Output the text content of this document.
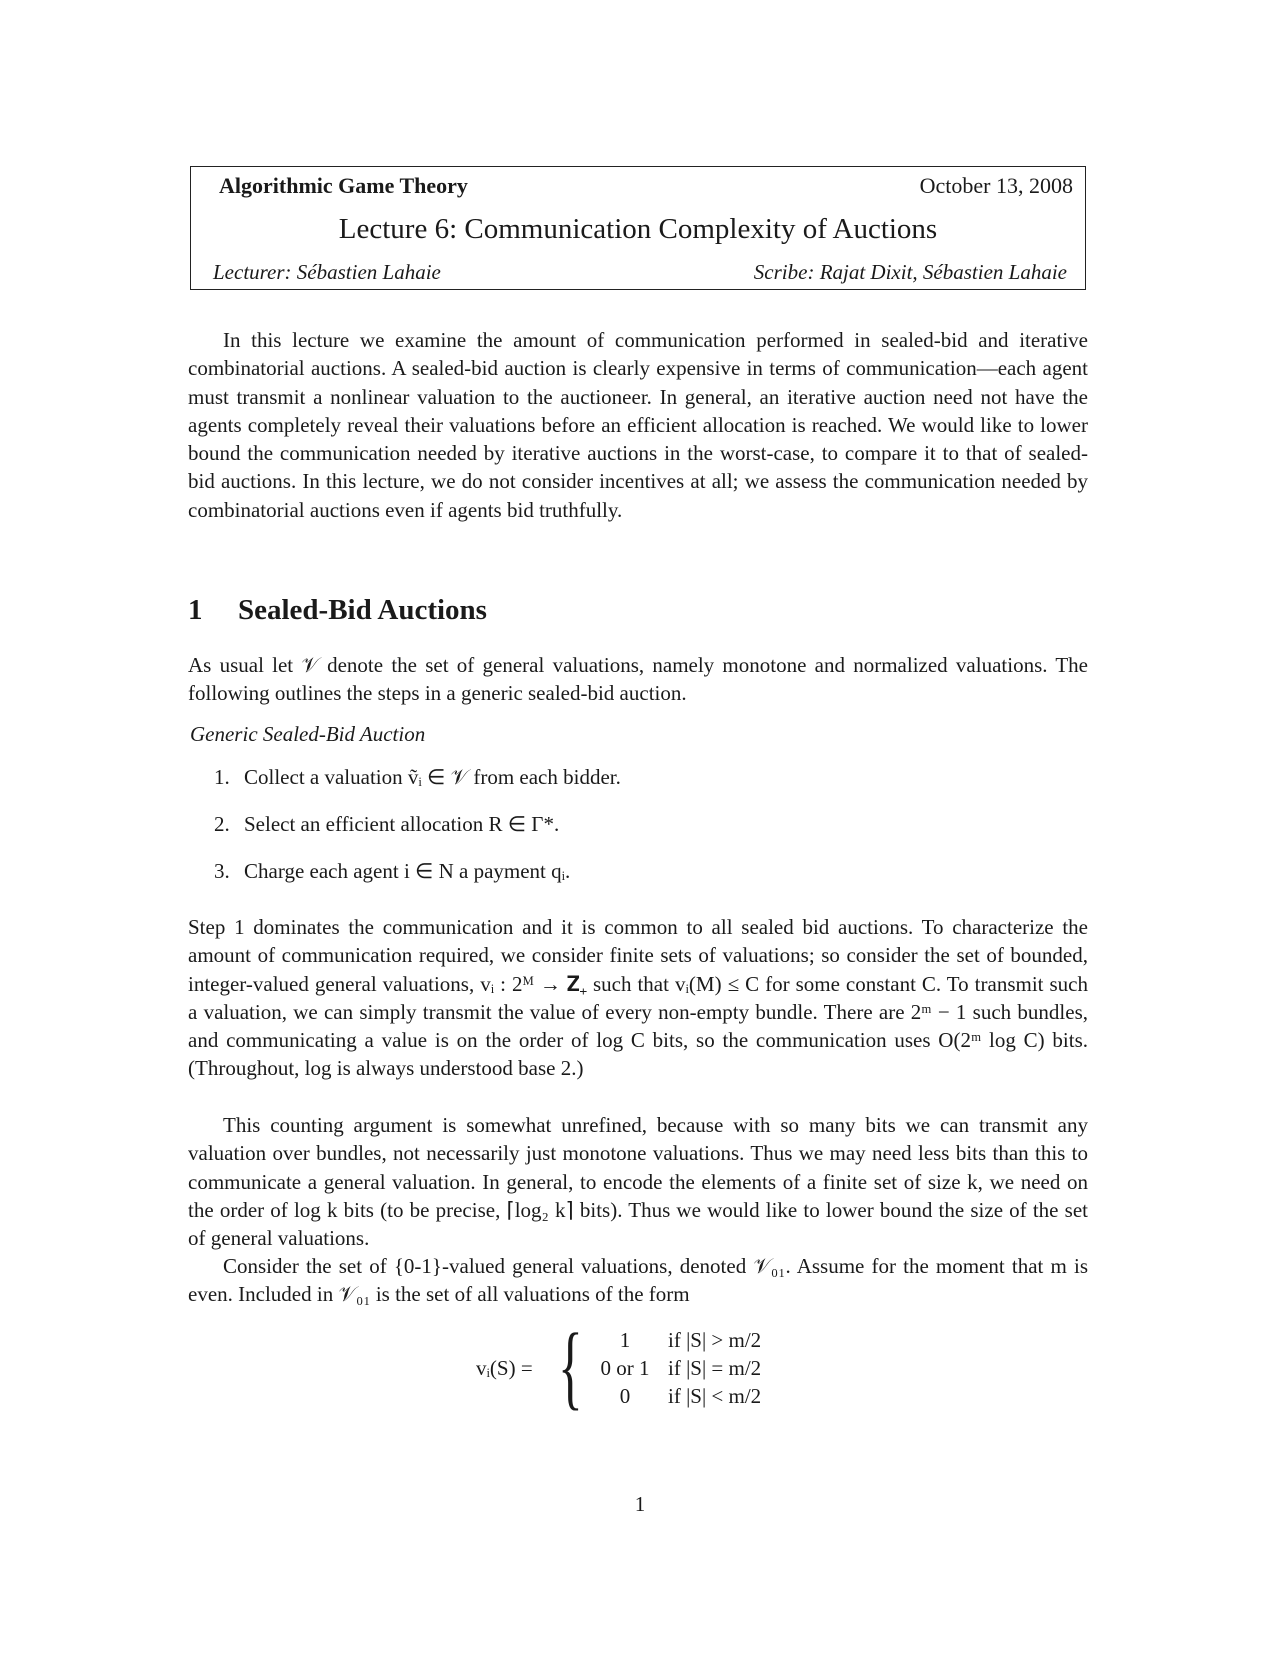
Algorithmic Game Theory	October 13, 2008
Lecture 6: Communication Complexity of Auctions
Lecturer: Sébastien Lahaie	Scribe: Rajat Dixit, Sébastien Lahaie

In this lecture we examine the amount of communication performed in sealed-bid and iterative combinatorial auctions. A sealed-bid auction is clearly expensive in terms of communication—each agent must transmit a nonlinear valuation to the auctioneer. In general, an iterative auction need not have the agents completely reveal their valuations before an efficient allocation is reached. We would like to lower bound the communication needed by iterative auctions in the worst-case, to compare it to that of sealed-bid auctions. In this lecture, we do not consider incentives at all; we assess the communication needed by combinatorial auctions even if agents bid truthfully.

1 Sealed-Bid Auctions

As usual let 𝒱 denote the set of general valuations, namely monotone and normalized valuations. The following outlines the steps in a generic sealed-bid auction.

Generic Sealed-Bid Auction
1. Collect a valuation ṽᵢ ∈ 𝒱 from each bidder.
2. Select an efficient allocation R ∈ Γ*.
3. Charge each agent i ∈ N a payment qᵢ.

Step 1 dominates the communication and it is common to all sealed bid auctions. To characterize the amount of communication required, we consider finite sets of valuations; so consider the set of bounded, integer-valued general valuations, vᵢ : 2ᴹ → 𝐙₊ such that vᵢ(M) ≤ C for some constant C. To transmit such a valuation, we can simply transmit the value of every non-empty bundle. There are 2ᵐ − 1 such bundles, and communicating a value is on the order of log C bits, so the communication uses O(2ᵐ log C) bits. (Throughout, log is always understood base 2.)

This counting argument is somewhat unrefined, because with so many bits we can transmit any valuation over bundles, not necessarily just monotone valuations. Thus we may need less bits than this to communicate a general valuation. In general, to encode the elements of a finite set of size k, we need on the order of log k bits (to be precise, ⌈log₂ k⌉ bits). Thus we would like to lower bound the size of the set of general valuations.

Consider the set of {0-1}-valued general valuations, denoted 𝒱₀₁. Assume for the moment that m is even. Included in 𝒱₀₁ is the set of all valuations of the form

vᵢ(S) = {	1 if |S| > m/2
0 or 1 if |S| = m/2
0 if |S| < m/2
1
